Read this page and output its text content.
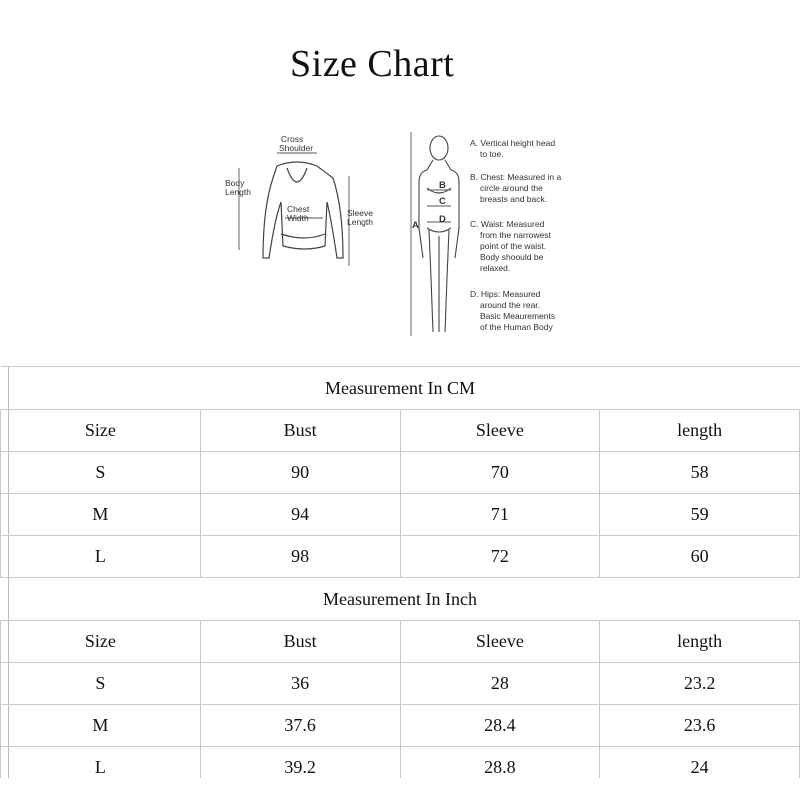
Size Chart
Cross
Shoulder
Body
Length
Chest
Width	Sleeve
Length	A
B
C
D
A. Vertical height head
to toe.
B. Chest: Measured in a
circle around the
breasts and back.
C. Waist: Measured
from the narrowest
point of the waist.
Body shoould be
relaxed.
D. Hips: Measured
around the rear.
Basic Meaurements
of the Human Body
Measurement In CM			
Size	Bust	Sleeve	length
S	90	70	58
M	94	71	59
L	98	72	60
Measurement In Inch			
Size	Bust	Sleeve	length
S	36	28	23.2
M	37.6	28.4	23.6
L	39.2	28.8	24
